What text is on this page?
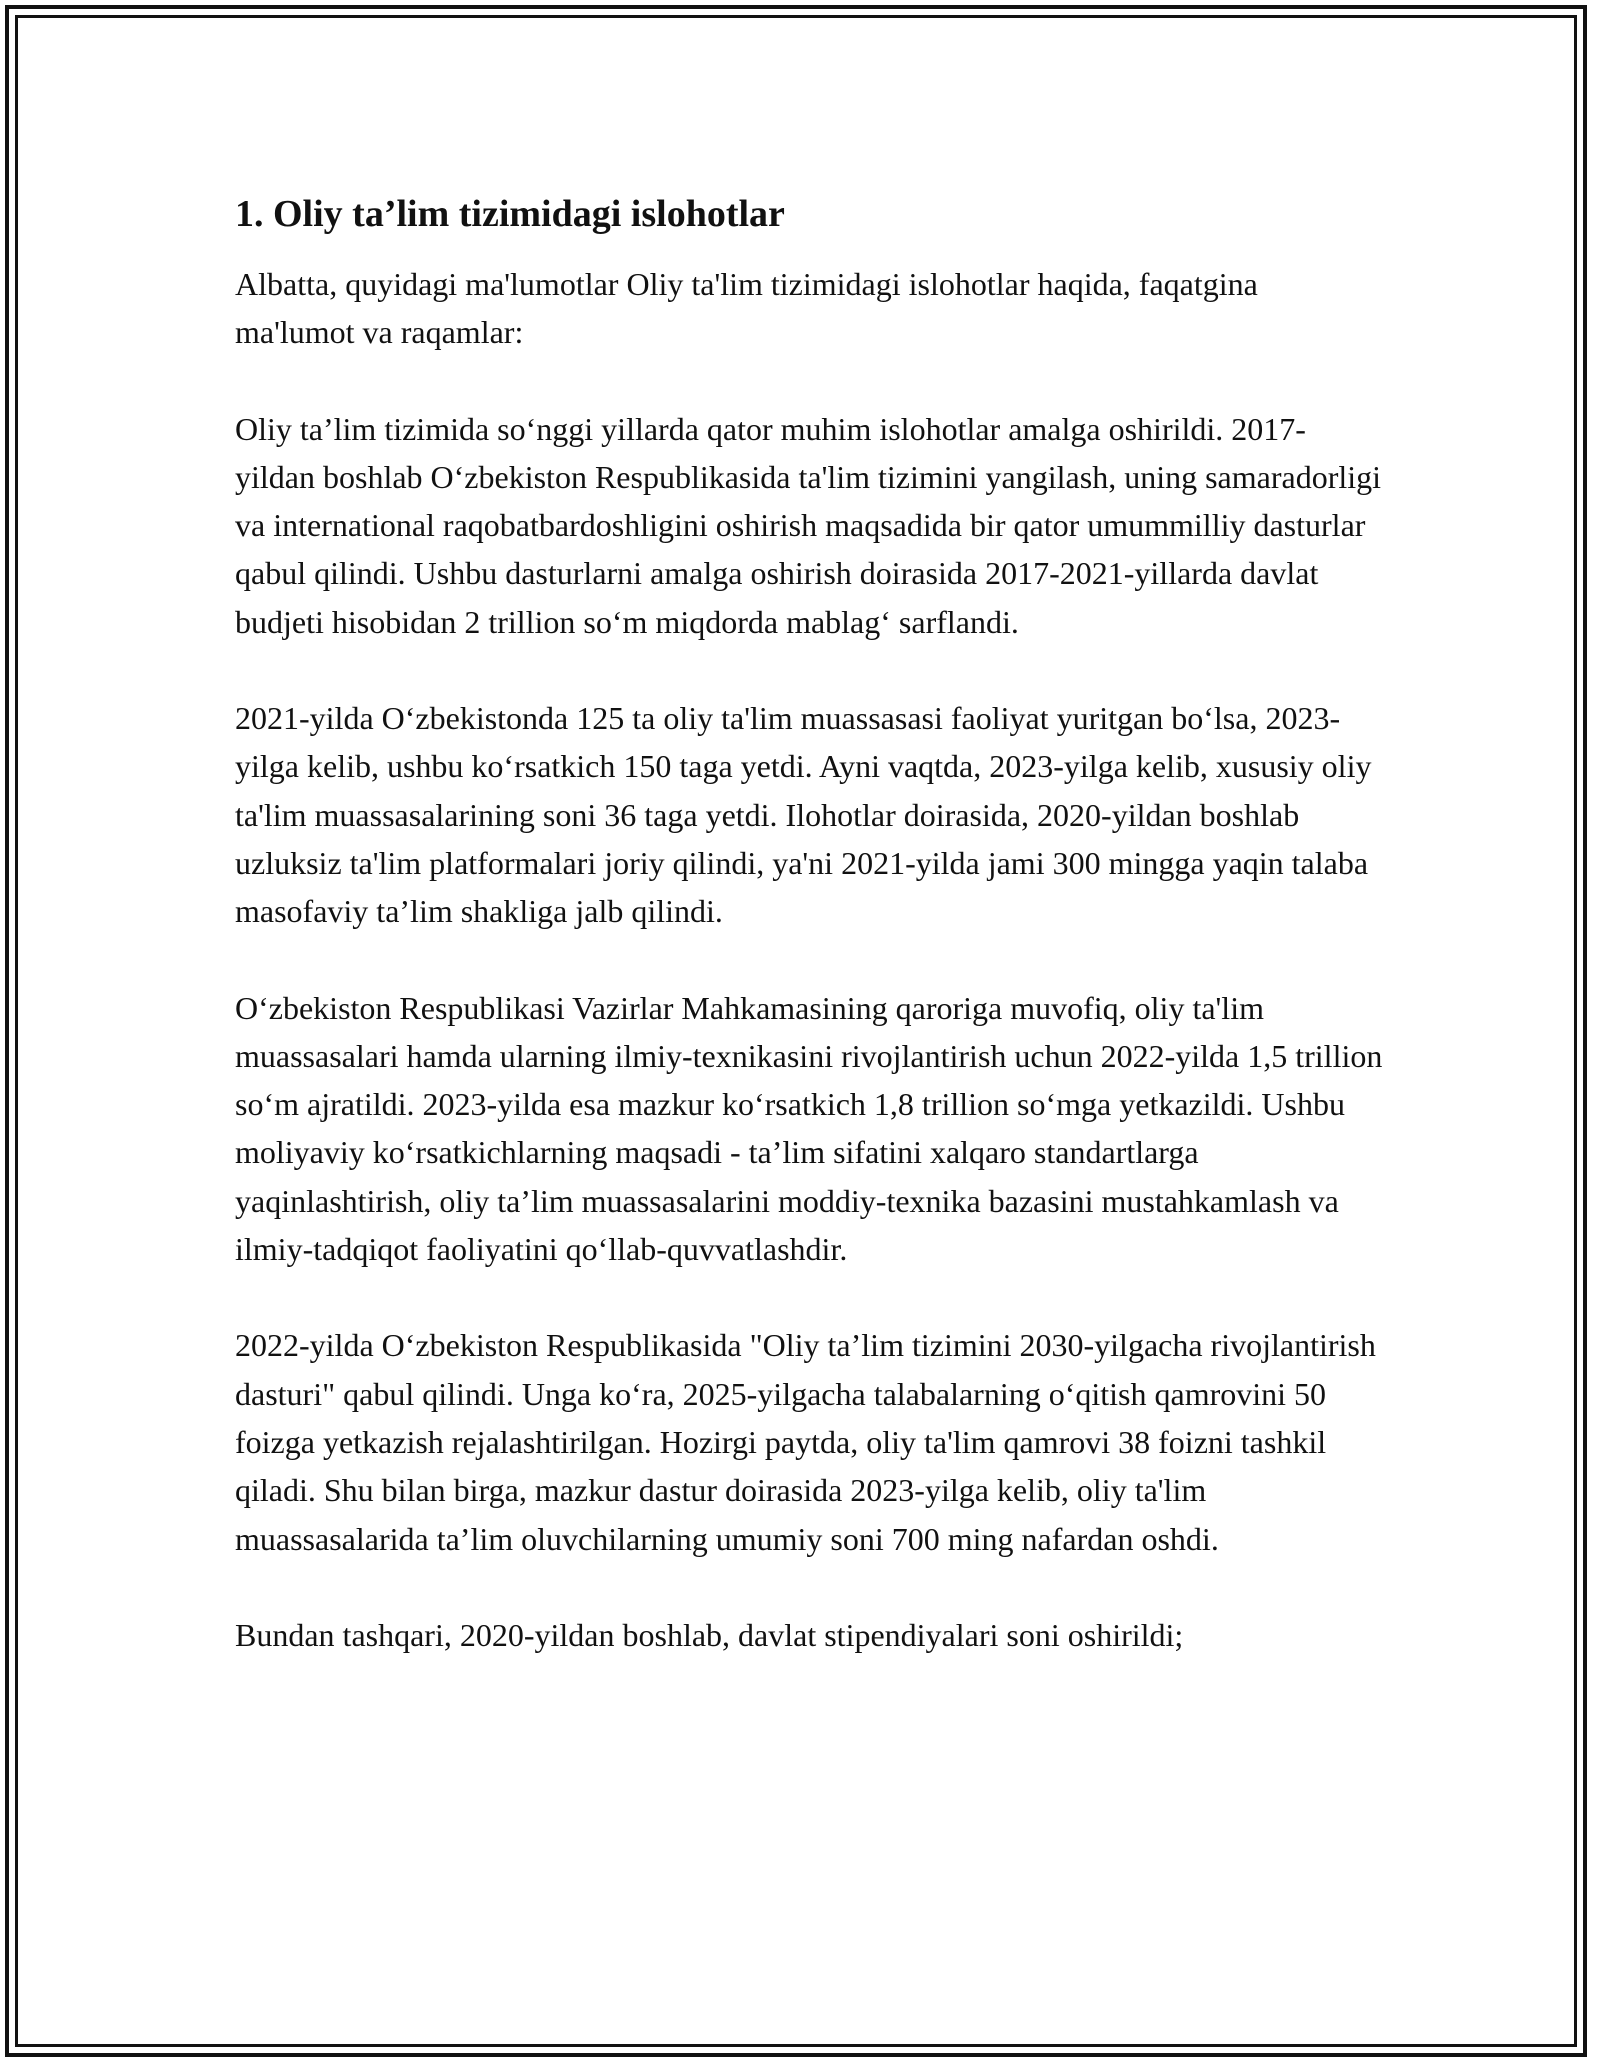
1. Oliy ta’lim tizimidagi islohotlar

Albatta, quyidagi ma'lumotlar Oliy ta'lim tizimidagi islohotlar haqida, faqatgina ma'lumot va raqamlar:

Oliy ta’lim tizimida so‘nggi yillarda qator muhim islohotlar amalga oshirildi. 2017-yildan boshlab O‘zbekiston Respublikasida ta'lim tizimini yangilash, uning samaradorligi va international raqobatbardoshligini oshirish maqsadida bir qator umummilliy dasturlar qabul qilindi. Ushbu dasturlarni amalga oshirish doirasida 2017-2021-yillarda davlat budjeti hisobidan 2 trillion so‘m miqdorda mablag‘ sarflandi.

2021-yilda O‘zbekistonda 125 ta oliy ta'lim muassasasi faoliyat yuritgan bo‘lsa, 2023-yilga kelib, ushbu ko‘rsatkich 150 taga yetdi. Ayni vaqtda, 2023-yilga kelib, xususiy oliy ta'lim muassasalarining soni 36 taga yetdi. Ilohotlar doirasida, 2020-yildan boshlab uzluksiz ta'lim platformalari joriy qilindi, ya'ni 2021-yilda jami 300 mingga yaqin talaba masofaviy ta’lim shakliga jalb qilindi.

O‘zbekiston Respublikasi Vazirlar Mahkamasining qaroriga muvofiq, oliy ta'lim muassasalari hamda ularning ilmiy-texnikasini rivojlantirish uchun 2022-yilda 1,5 trillion so‘m ajratildi. 2023-yilda esa mazkur ko‘rsatkich 1,8 trillion so‘mga yetkazildi. Ushbu moliyaviy ko‘rsatkichlarning maqsadi - ta’lim sifatini xalqaro standartlarga yaqinlashtirish, oliy ta’lim muassasalarini moddiy-texnika bazasini mustahkamlash va ilmiy-tadqiqot faoliyatini qo‘llab-quvvatlashdir.

2022-yilda O‘zbekiston Respublikasida "Oliy ta’lim tizimini 2030-yilgacha rivojlantirish dasturi" qabul qilindi. Unga ko‘ra, 2025-yilgacha talabalarning o‘qitish qamrovini 50 foizga yetkazish rejalashtirilgan. Hozirgi paytda, oliy ta'lim qamrovi 38 foizni tashkil qiladi. Shu bilan birga, mazkur dastur doirasida 2023-yilga kelib, oliy ta'lim muassasalarida ta’lim oluvchilarning umumiy soni 700 ming nafardan oshdi.

Bundan tashqari, 2020-yildan boshlab, davlat stipendiyalari soni oshirildi;
